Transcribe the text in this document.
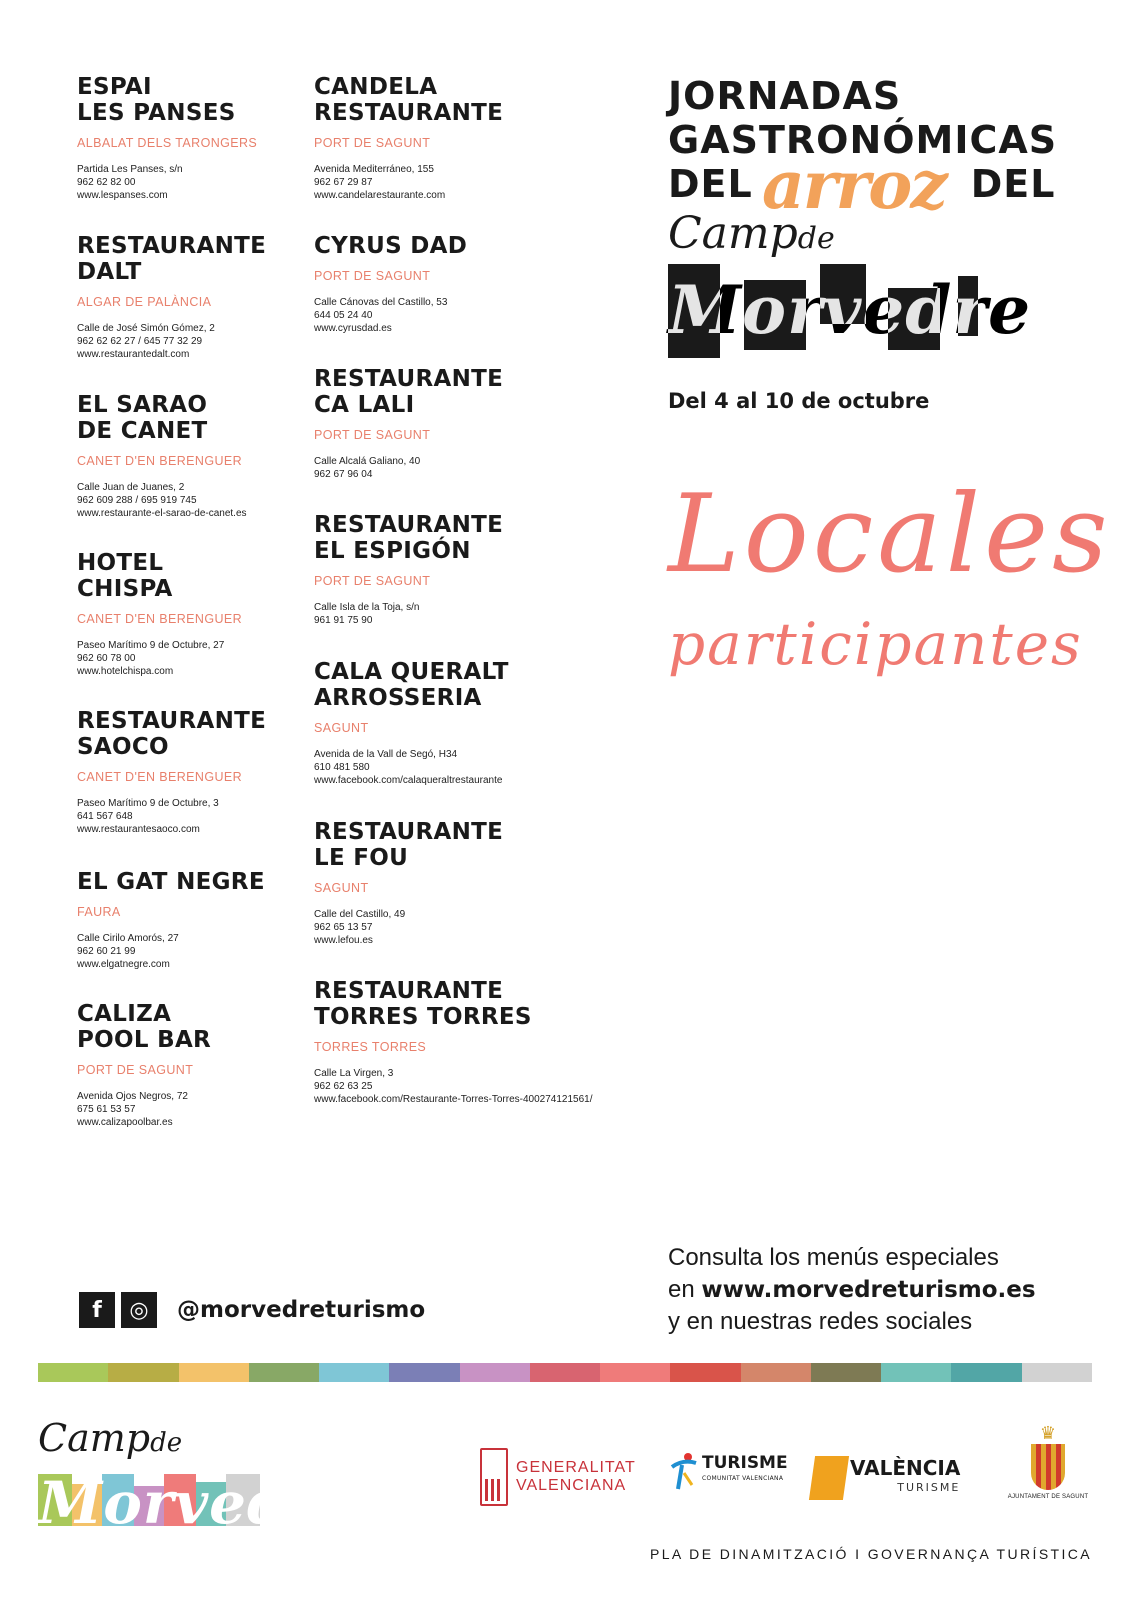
ESPAI
LES PANSES
ALBALAT DELS TARONGERS
Partida Les Panses, s/n
962 62 82 00
www.lespanses.com
RESTAURANTE
DALT
ALGAR DE PALÀNCIA
Calle de José Simón Gómez, 2
962 62 62 27 / 645 77 32 29
www.restaurantedalt.com
EL SARAO
DE CANET
CANET D'EN BERENGUER
Calle Juan de Juanes, 2
962 609 288 / 695 919 745
www.restaurante-el-sarao-de-canet.es
HOTEL
CHISPA
CANET D'EN BERENGUER
Paseo Marítimo 9 de Octubre, 27
962 60 78 00
www.hotelchispa.com
RESTAURANTE
SAOCO
CANET D'EN BERENGUER
Paseo Marítimo 9 de Octubre, 3
641 567 648
www.restaurantesaoco.com
EL GAT NEGRE
FAURA
Calle Cirilo Amorós, 27
962 60 21 99
www.elgatnegre.com
CALIZA
POOL BAR
PORT DE SAGUNT
Avenida Ojos Negros, 72
675 61 53 57
www.calizapoolbar.es
CANDELA
RESTAURANTE
PORT DE SAGUNT
Avenida Mediterráneo, 155
962 67 29 87
www.candelarestaurante.com
CYRUS DAD
PORT DE SAGUNT
Calle Cánovas del Castillo, 53
644 05 24 40
www.cyrusdad.es
RESTAURANTE
CA LALI
PORT DE SAGUNT
Calle Alcalá Galiano, 40
962 67 96 04
RESTAURANTE
EL ESPIGÓN
PORT DE SAGUNT
Calle Isla de la Toja, s/n
961 91 75 90
CALA QUERALT
ARROSSERIA
SAGUNT
Avenida de la Vall de Segó, H34
610 481 580
www.facebook.com/calaqueraltrestaurante
RESTAURANTE
LE FOU
SAGUNT
Calle del Castillo, 49
962 65 13 57
www.lefou.es
RESTAURANTE
TORRES TORRES
TORRES TORRES
Calle La Virgen, 3
962 62 63 25
www.facebook.com/Restaurante-Torres-Torres-400274121561/
JORNADAS
GASTRONÓMICAS
DEL	DEL
arroz
Campde
Morvedre
Del 4 al 10 de octubre
Locales
participantes
f	◎	@morvedreturismo
Consulta los menús especiales
en www.morvedreturismo.es
y en nuestras redes sociales
Campde
Morvedre
GENERALITAT
VALENCIANA
TURISME
COMUNITAT VALENCIANA	VALÈNCIA
TURISME
♛
AJUNTAMENT DE SAGUNT
PLA DE DINAMITZACIÓ I GOVERNANÇA TURÍSTICA
